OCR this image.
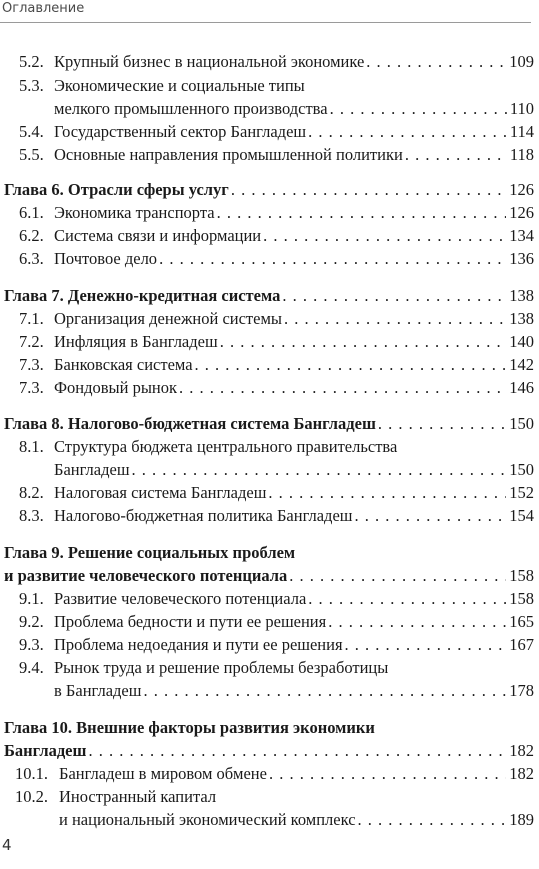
Оглавление
5.2. Крупный бизнес в национальной экономике . . .	109
5.3. Экономические и социальные типы
мелкого промышленного производства . . .	110
5.4. Государственный сектор Бангладеш . . .	114
5.5. Основные направления промышленной политики . . .	118
Глава 6. Отрасли сферы услуг . . .	126
6.1. Экономика транспорта . . .	126
6.2. Система связи и информации . . .	134
6.3. Почтовое дело . . .	136
Глава 7. Денежно-кредитная система . . .	138
7.1. Организация денежной системы . . .	138
7.2. Инфляция в Бангладеш . . .	140
7.3. Банковская система . . .	142
7.3. Фондовый рынок . . .	146
Глава 8. Налогово-бюджетная система Бангладеш . . .	150
8.1. Структура бюджета центрального правительства
Бангладеш . . .	150
8.2. Налоговая система Бангладеш . . .	152
8.3. Налогово-бюджетная политика Бангладеш . . .	154
Глава 9. Решение социальных проблем
и развитие человеческого потенциала . . .	158
9.1. Развитие человеческого потенциала . . .	158
9.2. Проблема бедности и пути ее решения . . .	165
9.3. Проблема недоедания и пути ее решения . . .	167
9.4. Рынок труда и решение проблемы безработицы
в Бангладеш . . .	178
Глава 10. Внешние факторы развития экономики
Бангладеш . . .	182
10.1. Бангладеш в мировом обмене . . .	182
10.2. Иностранный капитал
и национальный экономический комплекс . . .	189
4
